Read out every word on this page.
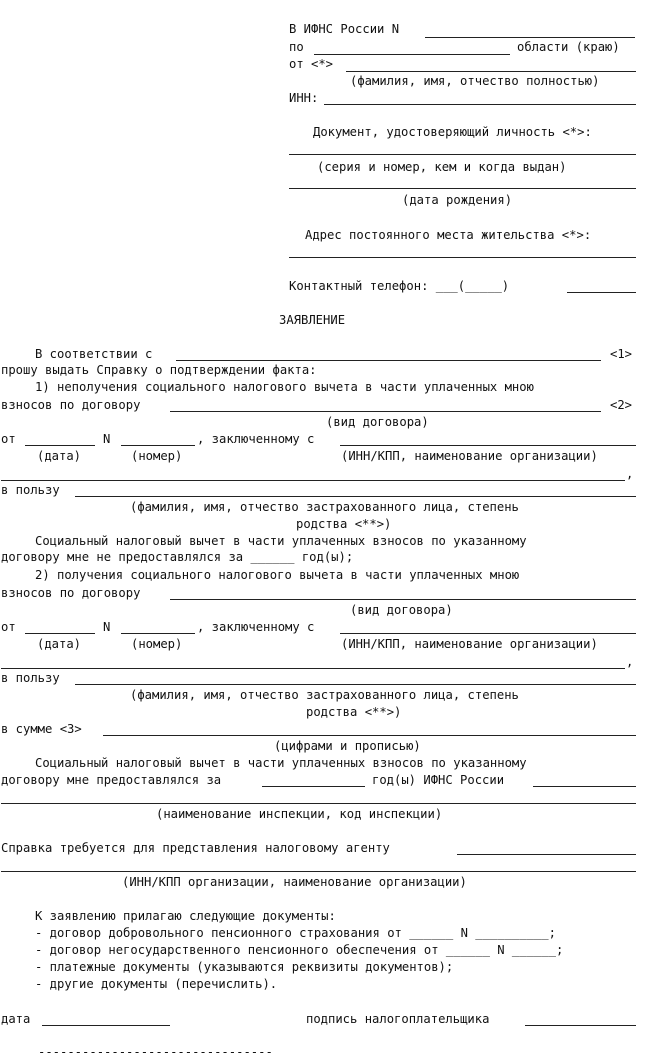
В ИФНС России N
по	области (краю)
от <*>
(фамилия, имя, отчество полностью)
ИНН:
Документ, удостоверяющий личность <*>:
(серия и номер, кем и когда выдан)
(дата рождения)
Адрес постоянного места жительства <*>:
Контактный телефон: ___(_____)
ЗАЯВЛЕНИЕ
В соответствии с	<1>
прошу выдать Справку о подтверждении факта:
1) неполучения социального налогового вычета в части уплаченных мною
взносов по договору	<2>
(вид договора)
от	N	, заключенному с
(дата)	(номер)	(ИНН/КПП, наименование организации)
,
в пользу
(фамилия, имя, отчество застрахованного лица, степень
родства <**>)
Социальный налоговый вычет в части уплаченных взносов по указанному
договору мне не предоставлялся за ______ год(ы);
2) получения социального налогового вычета в части уплаченных мною
взносов по договору
(вид договора)
от	N	, заключенному с
(дата)	(номер)	(ИНН/КПП, наименование организации)
,
в пользу
(фамилия, имя, отчество застрахованного лица, степень
родства <**>)
в сумме <3>
(цифрами и прописью)
Социальный налоговый вычет в части уплаченных взносов по указанному
договору мне предоставлялся за	год(ы) ИФНС России
(наименование инспекции, код инспекции)
Справка требуется для представления налоговому агенту
(ИНН/КПП организации, наименование организации)
К заявлению прилагаю следующие документы:
- договор добровольного пенсионного страхования от ______ N __________;
- договор негосударственного пенсионного обеспечения от ______ N ______;
- платежные документы (указываются реквизиты документов);
- другие документы (перечислить).
дата	подпись налогоплательщика
--------------------------------
